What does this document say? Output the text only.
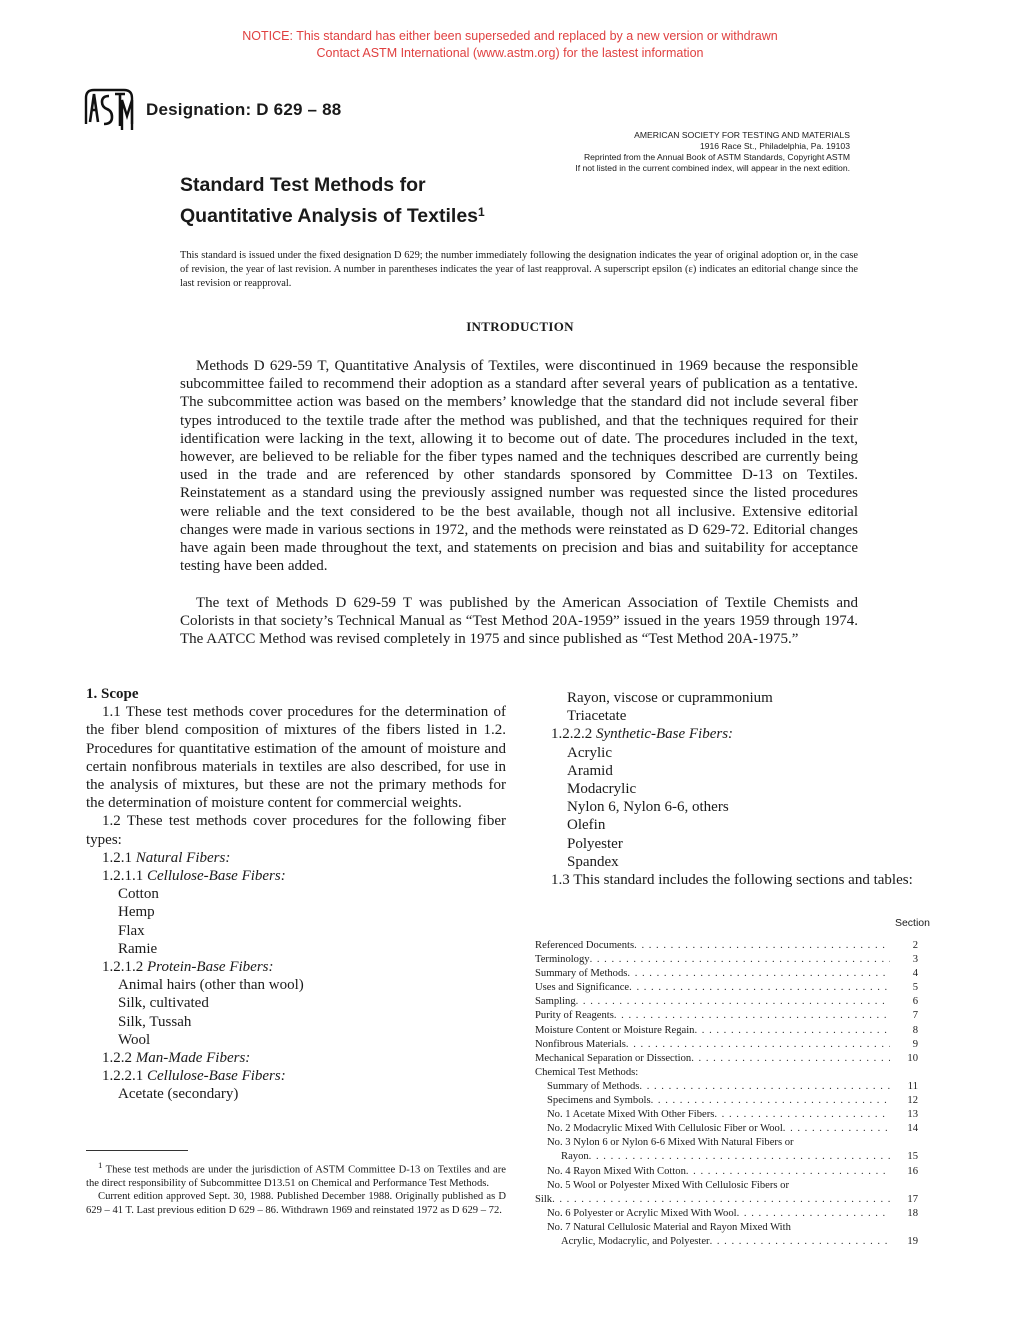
NOTICE: This standard has either been superseded and replaced by a new version or withdrawn
Contact ASTM International (www.astm.org) for the lastest information
Designation: D 629 – 88
AMERICAN SOCIETY FOR TESTING AND MATERIALS
1916 Race St., Philadelphia, Pa. 19103
Reprinted from the Annual Book of ASTM Standards, Copyright ASTM
If not listed in the current combined index, will appear in the next edition.
Standard Test Methods for
Quantitative Analysis of Textiles$^1$
This standard is issued under the fixed designation D 629; the number immediately following the designation indicates the year of original adoption or, in the case of revision, the year of last revision. A number in parentheses indicates the year of last reapproval. A superscript epsilon (ε) indicates an editorial change since the last revision or reapproval.
INTRODUCTION

Methods D 629-59 T, Quantitative Analysis of Textiles, were discontinued in 1969 because the responsible subcommittee failed to recommend their adoption as a standard after several years of publication as a tentative. The subcommittee action was based on the members’ knowledge that the standard did not include several fiber types introduced to the textile trade after the method was published, and that the techniques required for their identification were lacking in the text, allowing it to become out of date. The procedures included in the text, however, are believed to be reliable for the fiber types named and the techniques described are currently being used in the trade and are referenced by other standards sponsored by Committee D-13 on Textiles. Reinstatement as a standard using the previously assigned number was requested since the listed procedures were reliable and the text considered to be the best available, though not all inclusive. Extensive editorial changes were made in various sections in 1972, and the methods were reinstated as D 629-72. Editorial changes have again been made throughout the text, and statements on precision and bias and suitability for acceptance testing have been added.

The text of Methods D 629-59 T was published by the American Association of Textile Chemists and Colorists in that society’s Technical Manual as “Test Method 20A-1959” issued in the years 1959 through 1974. The AATCC Method was revised completely in 1975 and since published as “Test Method 20A-1975.”

1. Scope

1.1 These test methods cover procedures for the determination of the fiber blend composition of mixtures of the fibers listed in 1.2. Procedures for quantitative estimation of the amount of moisture and certain nonfibrous materials in textiles are also described, for use in the analysis of mixtures, but these are not the primary methods for the determination of moisture content for commercial weights.

1.2 These test methods cover procedures for the following fiber types:

1.2.1 Natural Fibers:
1.2.1.1 Cellulose-Base Fibers:
Cotton
Hemp
Flax
Ramie
1.2.1.2 Protein-Base Fibers:
Animal hairs (other than wool)
Silk, cultivated
Silk, Tussah
Wool
1.2.2 Man-Made Fibers:
1.2.2.1 Cellulose-Base Fibers:
Acetate (secondary)

$^1$ These test methods are under the jurisdiction of ASTM Committee D-13 on Textiles and are the direct responsibility of Subcommittee D13.51 on Chemical and Performance Test Methods.

Current edition approved Sept. 30, 1988. Published December 1988. Originally published as D 629 – 41 T. Last previous edition D 629 – 86. Withdrawn 1969 and reinstated 1972 as D 629 – 72.

Rayon, viscose or cuprammonium
Triacetate
1.2.2.2 Synthetic-Base Fibers:
Acrylic
Aramid
Modacrylic
Nylon 6, Nylon 6-6, others
Olefin
Polyester
Spandex

1.3 This standard includes the following sections and tables:

Section
Referenced Documents . . .	2
Terminology . . .	3
Summary of Methods . . .	4
Uses and Significance . . .	5
Sampling . . .	6
Purity of Reagents . . .	7
Moisture Content or Moisture Regain . . .	8
Nonfibrous Materials . . .	9
Mechanical Separation or Dissection . . .	10
Chemical Test Methods:
Summary of Methods . . .	11
Specimens and Symbols . . .	12
No. 1 Acetate Mixed With Other Fibers . . .	13
No. 2 Modacrylic Mixed With Cellulosic Fiber or Wool . . .	14
No. 3 Nylon 6 or Nylon 6-6 Mixed With Natural Fibers or
Rayon . . .	15
No. 4 Rayon Mixed With Cotton . . .	16
No. 5 Wool or Polyester Mixed With Cellulosic Fibers or
Silk . . .	17
No. 6 Polyester or Acrylic Mixed With Wool . . .	18
No. 7 Natural Cellulosic Material and Rayon Mixed With
Acrylic, Modacrylic, and Polyester . . .	19
